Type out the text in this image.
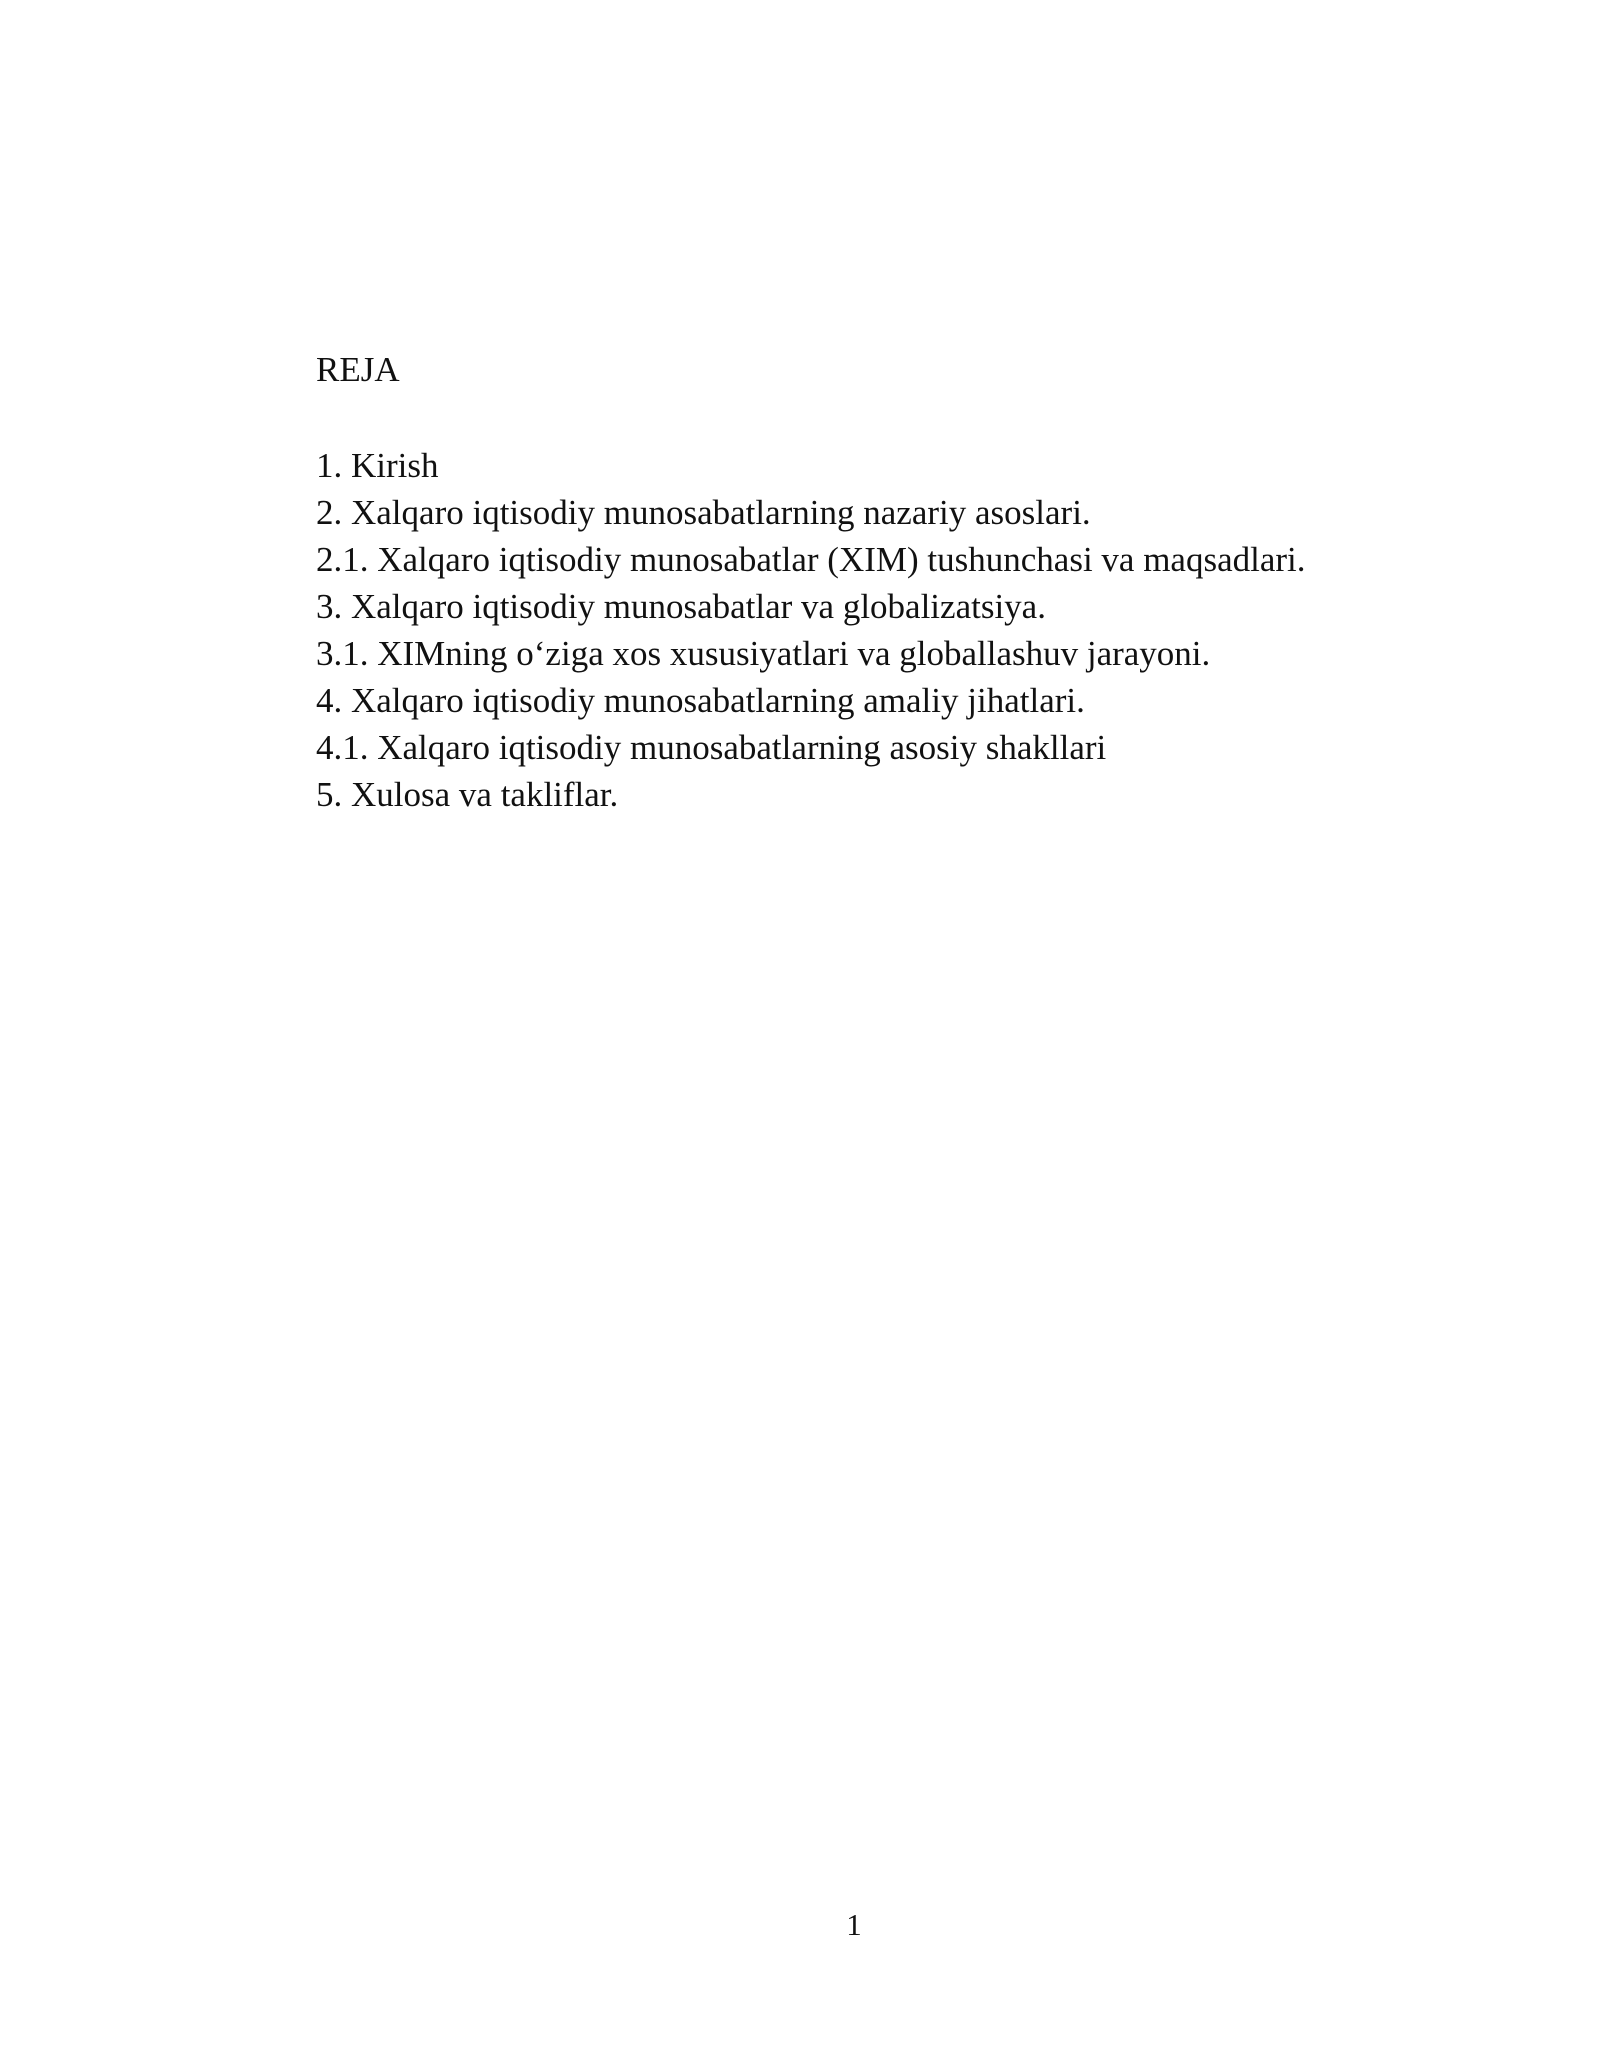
REJA
1. Kirish
2. Xalqaro iqtisodiy munosabatlarning nazariy asoslari.
2.1. Xalqaro iqtisodiy munosabatlar (XIM) tushunchasi va maqsadlari.
3. Xalqaro iqtisodiy munosabatlar va globalizatsiya.
3.1. XIMning o‘ziga xos xususiyatlari va globallashuv jarayoni.
4. Xalqaro iqtisodiy munosabatlarning amaliy jihatlari.
4.1. Xalqaro iqtisodiy munosabatlarning asosiy shakllari
5. Xulosa va takliflar.
1
